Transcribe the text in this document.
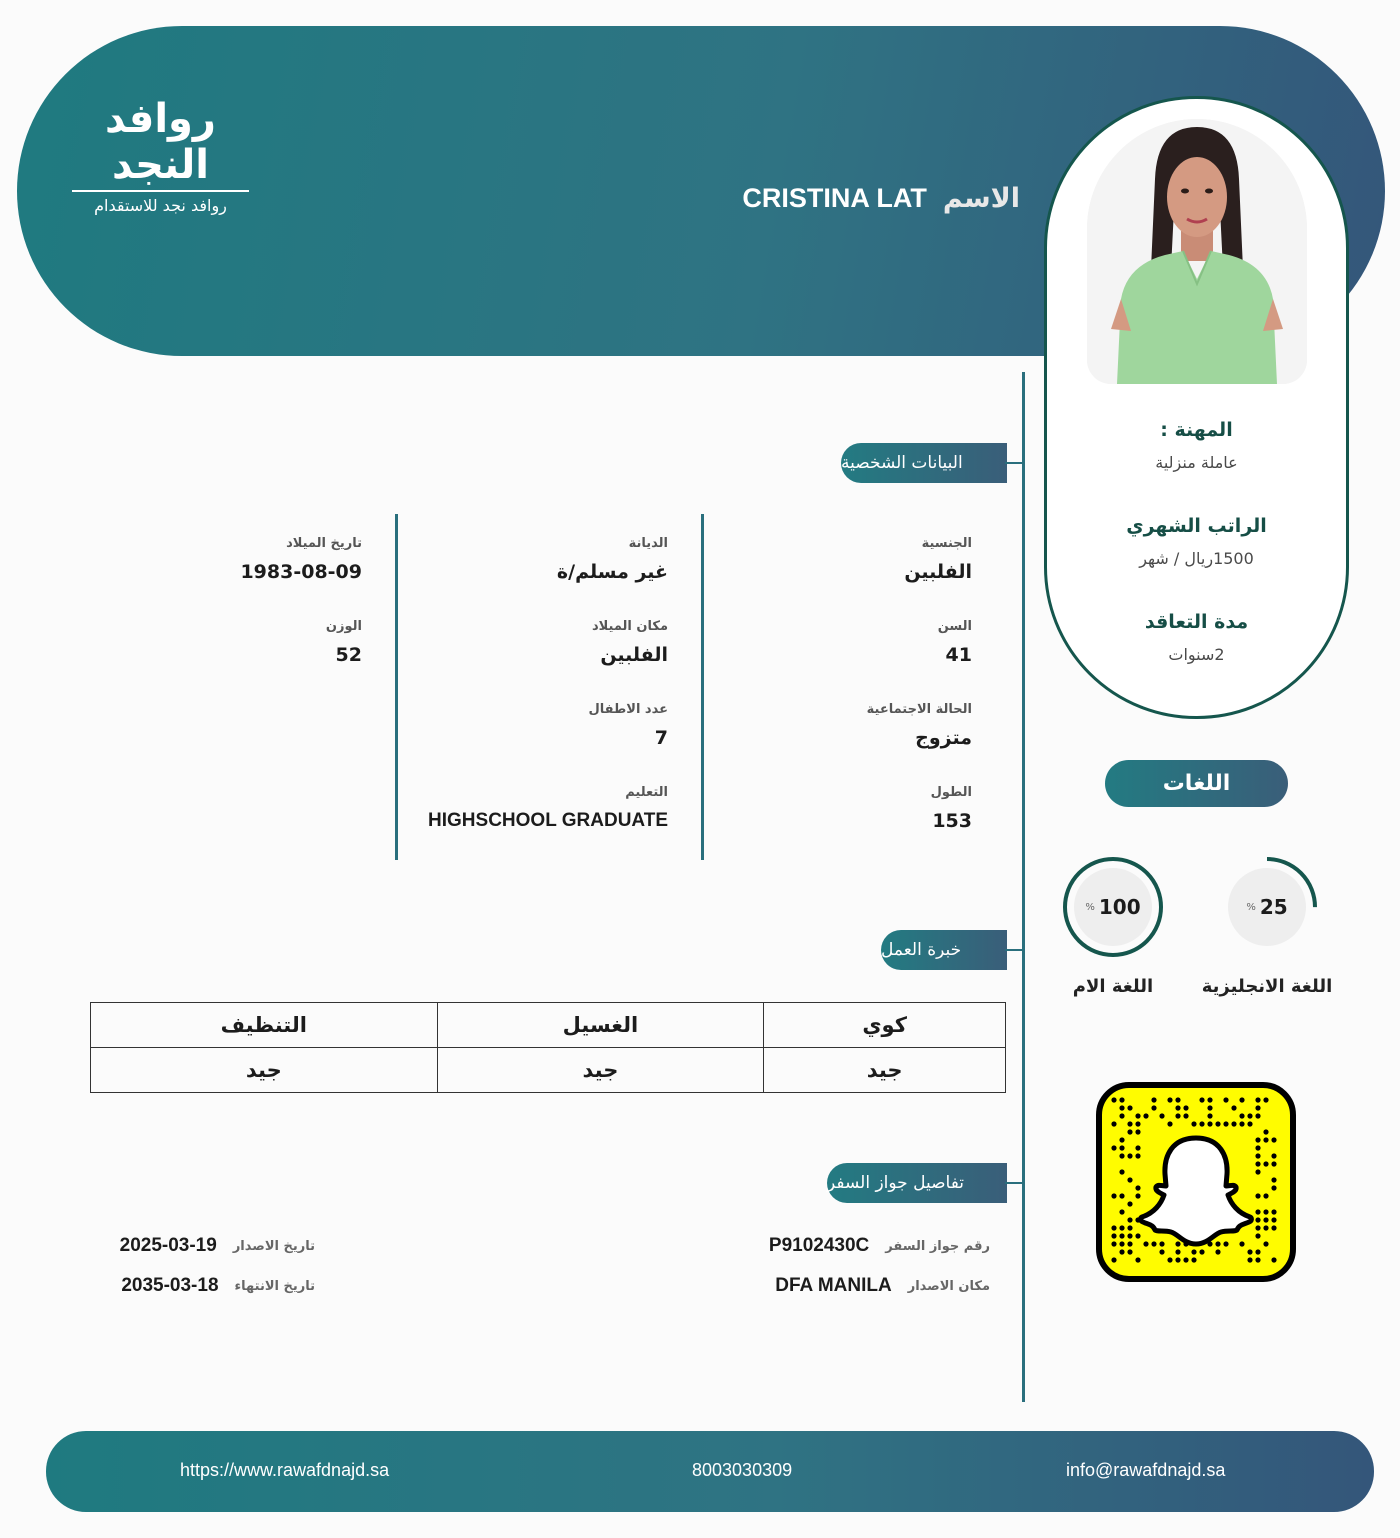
روافد النجد
روافد نجد للاستقدام	CRISTINA LAT الاسم
المهنة :
عاملة منزلية
الراتب الشهري
1500ريال / شهر
مدة التعاقد
2سنوات
البيانات الشخصية
خبرة العمل
تفاصيل جواز السفر
الجنسية
الفلبين
السن
41
الحالة الاجتماعية
متزوج
الطول
153
الديانة
غير مسلم/ة
مكان الميلاد
الفلبين
عدد الاطفال
7
التعليم
HIGHSCHOOL GRADUATE
تاريخ الميلاد
1983-08-09
الوزن
52
التنظيف	الغسيل	كوي
جيد	جيد	جيد
P9102430C رقم جواز السفر
DFA MANILA مكان الاصدار
2025-03-19 تاريخ الاصدار
2035-03-18 تاريخ الانتهاء
اللغات
% 25
اللغة الانجليزية
% 100
اللغة الام
https://www.rawafdnajd.sa	8003030309	info@rawafdnajd.sa
